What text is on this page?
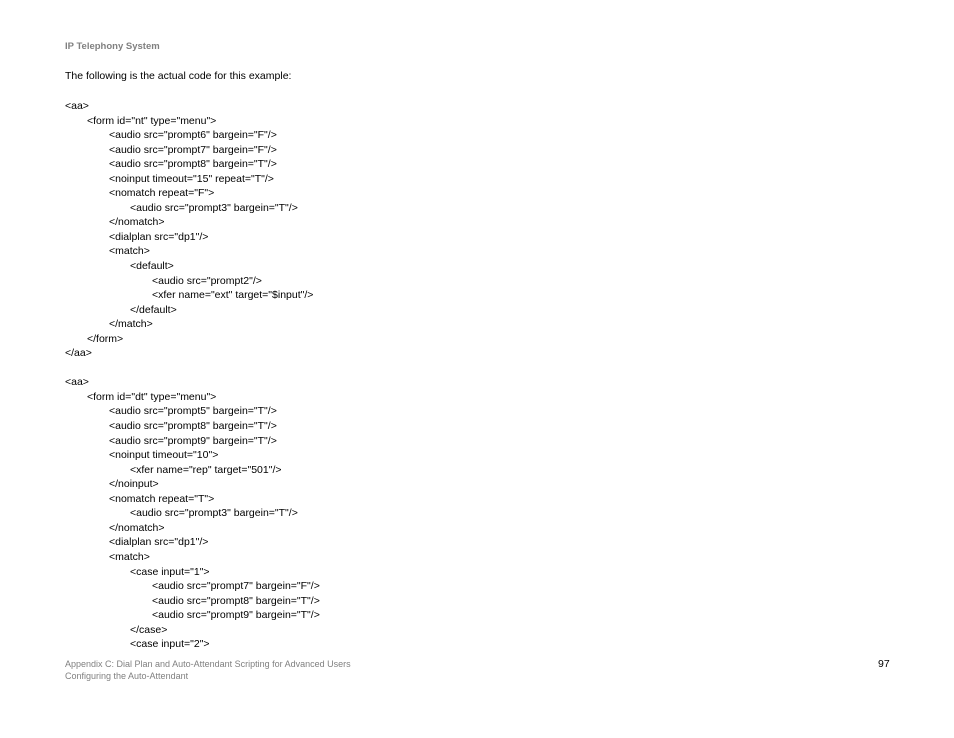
IP Telephony System
The following is the actual code for this example:
<aa>
<form id="nt" type="menu">
<audio src="prompt6" bargein="F"/>
<audio src="prompt7" bargein="F"/>
<audio src="prompt8" bargein="T"/>
<noinput timeout="15" repeat="T"/>
<nomatch repeat="F">
<audio src="prompt3" bargein="T"/>
</nomatch>
<dialplan src="dp1"/>
<match>
<default>
<audio src="prompt2"/>
<xfer name="ext" target="$input"/>
</default>
</match>
</form>
</aa>
<aa>
<form id="dt" type="menu">
<audio src="prompt5" bargein="T"/>
<audio src="prompt8" bargein="T"/>
<audio src="prompt9" bargein="T"/>
<noinput timeout="10">
<xfer name="rep" target="501"/>
</noinput>
<nomatch repeat="T">
<audio src="prompt3" bargein="T"/>
</nomatch>
<dialplan src="dp1"/>
<match>
<case input="1">
<audio src="prompt7" bargein="F"/>
<audio src="prompt8" bargein="T"/>
<audio src="prompt9" bargein="T"/>
</case>
<case input="2">
Appendix C: Dial Plan and Auto-Attendant Scripting for Advanced Users
Configuring the Auto-Attendant
97
